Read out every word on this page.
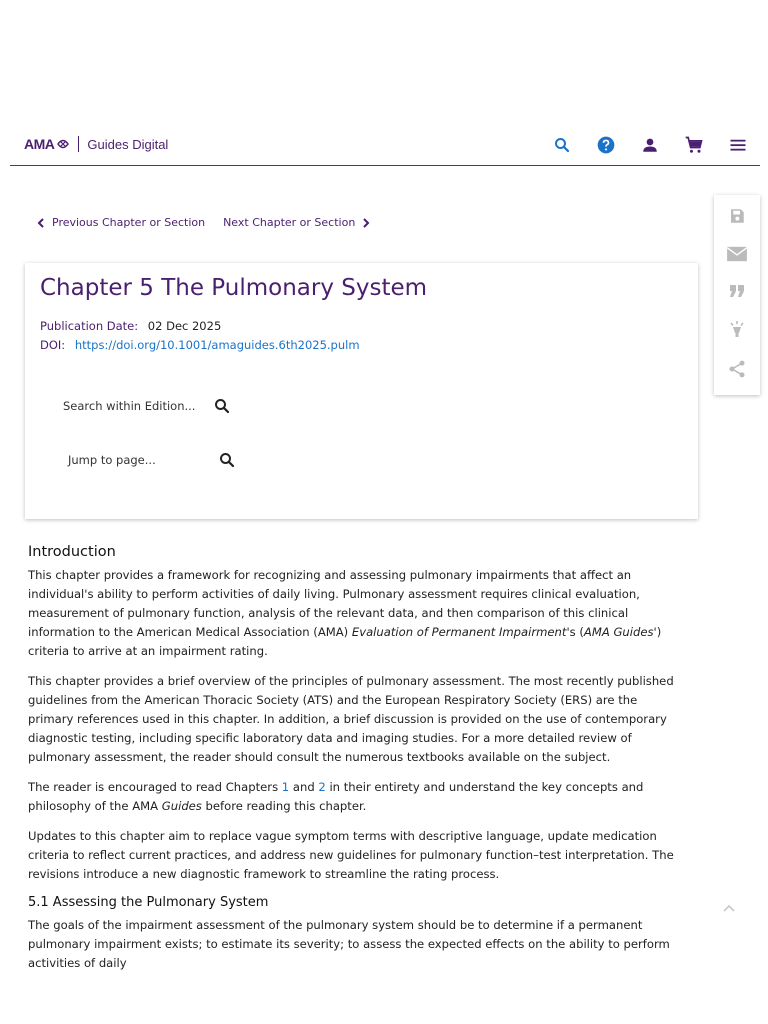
AMA	Guides Digital
Previous Chapter or Section Next Chapter or Section
Chapter 5 The Pulmonary System
Publication Date: 02 Dec 2025
DOI: https://doi.org/10.1001/amaguides.6th2025.pulm
Search within Edition...
Jump to page...
Introduction

This chapter provides a framework for recognizing and assessing pulmonary impairments that affect an individual's ability to perform activities of daily living. Pulmonary assessment requires clinical evaluation, measurement of pulmonary function, analysis of the relevant data, and then comparison of this clinical information to the American Medical Association (AMA) Evaluation of Permanent Impairment's (AMA Guides') criteria to arrive at an impairment rating.

This chapter provides a brief overview of the principles of pulmonary assessment. The most recently published guidelines from the American Thoracic Society (ATS) and the European Respiratory Society (ERS) are the primary references used in this chapter. In addition, a brief discussion is provided on the use of contemporary diagnostic testing, including specific laboratory data and imaging studies. For a more detailed review of pulmonary assessment, the reader should consult the numerous textbooks available on the subject.

The reader is encouraged to read Chapters 1 and 2 in their entirety and understand the key concepts and philosophy of the AMA Guides before reading this chapter.

Updates to this chapter aim to replace vague symptom terms with descriptive language, update medication criteria to reflect current practices, and address new guidelines for pulmonary function–test interpretation. The revisions introduce a new diagnostic framework to streamline the rating process.

5.1 Assessing the Pulmonary System

The goals of the impairment assessment of the pulmonary system should be to determine if a permanent pulmonary impairment exists; to estimate its severity; to assess the expected effects on the ability to perform activities of daily
